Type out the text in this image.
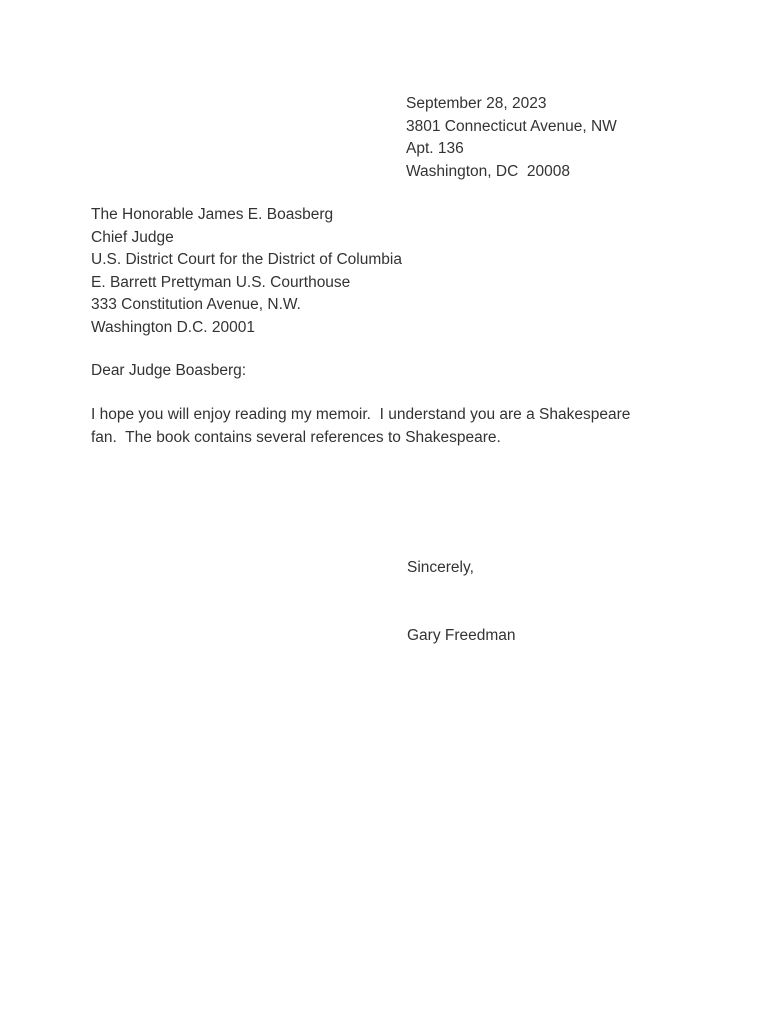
September 28, 2023
3801 Connecticut Avenue, NW
Apt. 136
Washington, DC  20008
The Honorable James E. Boasberg
Chief Judge
U.S. District Court for the District of Columbia
E. Barrett Prettyman U.S. Courthouse
333 Constitution Avenue, N.W.
Washington D.C. 20001
Dear Judge Boasberg:
I hope you will enjoy reading my memoir.  I understand you are a Shakespeare
fan.  The book contains several references to Shakespeare.
Sincerely,
Gary Freedman
